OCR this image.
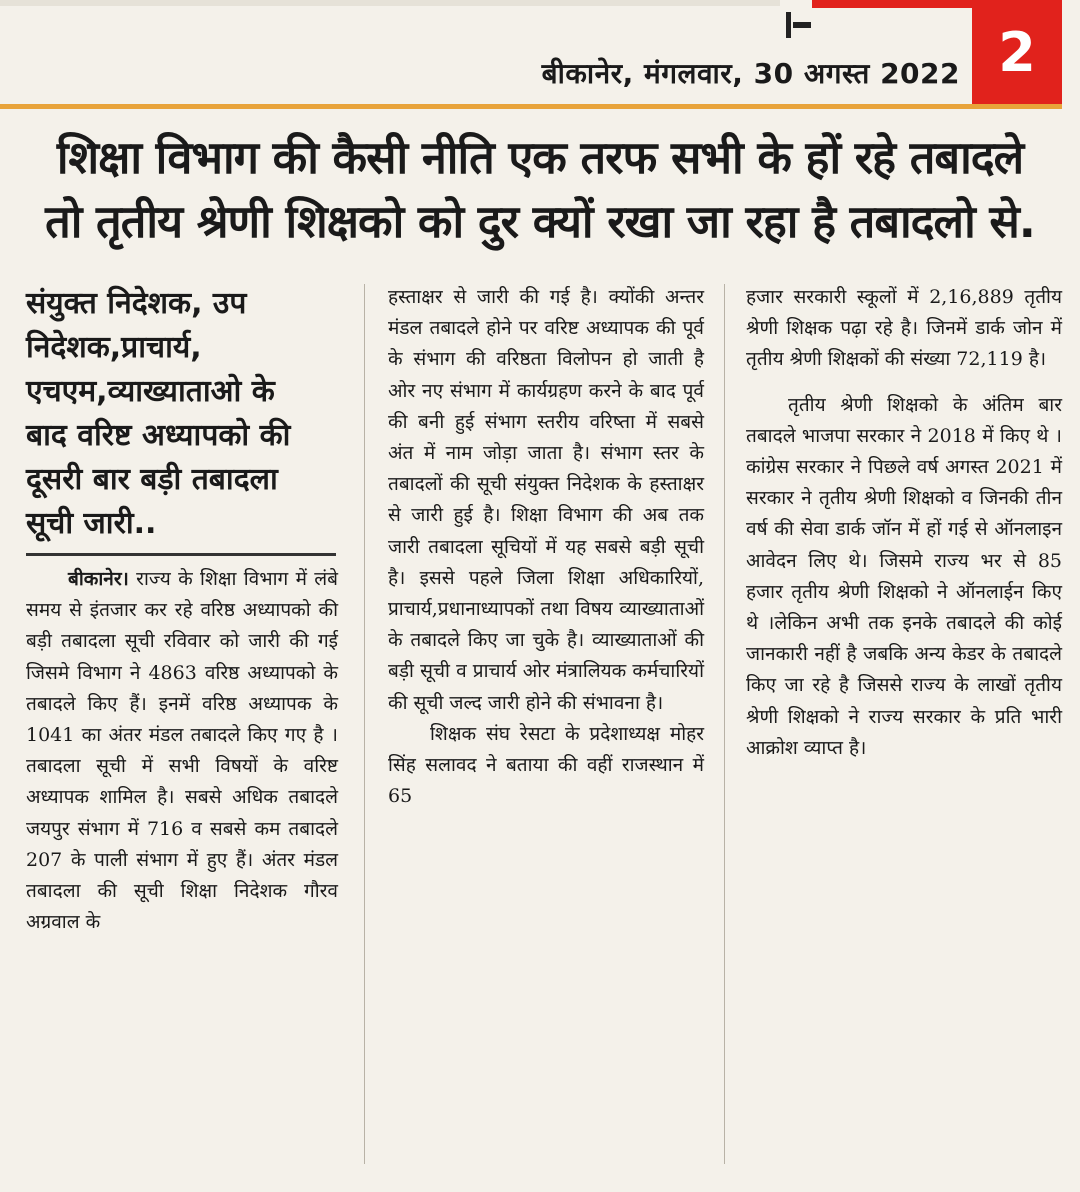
2
बीकानेर, मंगलवार, 30 अगस्त 2022
शिक्षा विभाग की कैसी नीति एक तरफ सभी के हों रहे तबादले
तो तृतीय श्रेणी शिक्षको को दुर क्यों रखा जा रहा है तबादलो से.
संयुक्त निदेशक, उप निदेशक,प्राचार्य, एचएम,व्याख्याताओ के बाद वरिष्ट अध्यापको की दूसरी बार बड़ी तबादला सूची जारी..

बीकानेर। राज्य के शिक्षा विभाग में लंबे समय से इंतजार कर रहे वरिष्ठ अध्यापको की बड़ी तबादला सूची रविवार को जारी की गई जिसमे विभाग ने 4863 वरिष्ठ अध्यापको के तबादले किए हैं। इनमें वरिष्ठ अध्यापक के 1041 का अंतर मंडल तबादले किए गए है ।तबादला सूची में सभी विषयों के वरिष्ट अध्यापक शामिल है। सबसे अधिक तबादले जयपुर संभाग में 716 व सबसे कम तबादले 207 के पाली संभाग में हुए हैं। अंतर मंडल तबादला की सूची शिक्षा निदेशक गौरव अग्रवाल के

हस्ताक्षर से जारी की गई है। क्योंकी अन्तर मंडल तबादले होने पर वरिष्ट अध्यापक की पूर्व के संभाग की वरिष्ठता विलोपन हो जाती है ओर नए संभाग में कार्यग्रहण करने के बाद पूर्व की बनी हुई संभाग स्तरीय वरिष्ता में सबसे अंत में नाम जोड़ा जाता है। संभाग स्तर के तबादलों की सूची संयुक्त निदेशक के हस्ताक्षर से जारी हुई है। शिक्षा विभाग की अब तक जारी तबादला सूचियों में यह सबसे बड़ी सूची है। इससे पहले जिला शिक्षा अधिकारियों, प्राचार्य,प्रधानाध्यापकों तथा विषय व्याख्याताओं के तबादले किए जा चुके है। व्याख्याताओं की बड़ी सूची व प्राचार्य ओर मंत्रालियक कर्मचारियों की सूची जल्द जारी होने की संभावना है।

शिक्षक संघ रेसटा के प्रदेशाध्यक्ष मोहर सिंह सलावद ने बताया की वहीं राजस्थान में 65

हजार सरकारी स्कूलों में 2,16,889 तृतीय श्रेणी शिक्षक पढ़ा रहे है। जिनमें डार्क जोन में तृतीय श्रेणी शिक्षकों की संख्या 72,119 है।

तृतीय श्रेणी शिक्षको के अंतिम बार तबादले भाजपा सरकार ने 2018 में किए थे ।कांग्रेस सरकार ने पिछले वर्ष अगस्त 2021 में सरकार ने तृतीय श्रेणी शिक्षको व जिनकी तीन वर्ष की सेवा डार्क जॉन में हों गई से ऑनलाइन आवेदन लिए थे। जिसमे राज्य भर से 85 हजार तृतीय श्रेणी शिक्षको ने ऑनलाईन किए थे ।लेकिन अभी तक इनके तबादले की कोई जानकारी नहीं है जबकि अन्य केडर के तबादले किए जा रहे है जिससे राज्य के लाखों तृतीय श्रेणी शिक्षको ने राज्य सरकार के प्रति भारी आक्रोश व्याप्त है।
